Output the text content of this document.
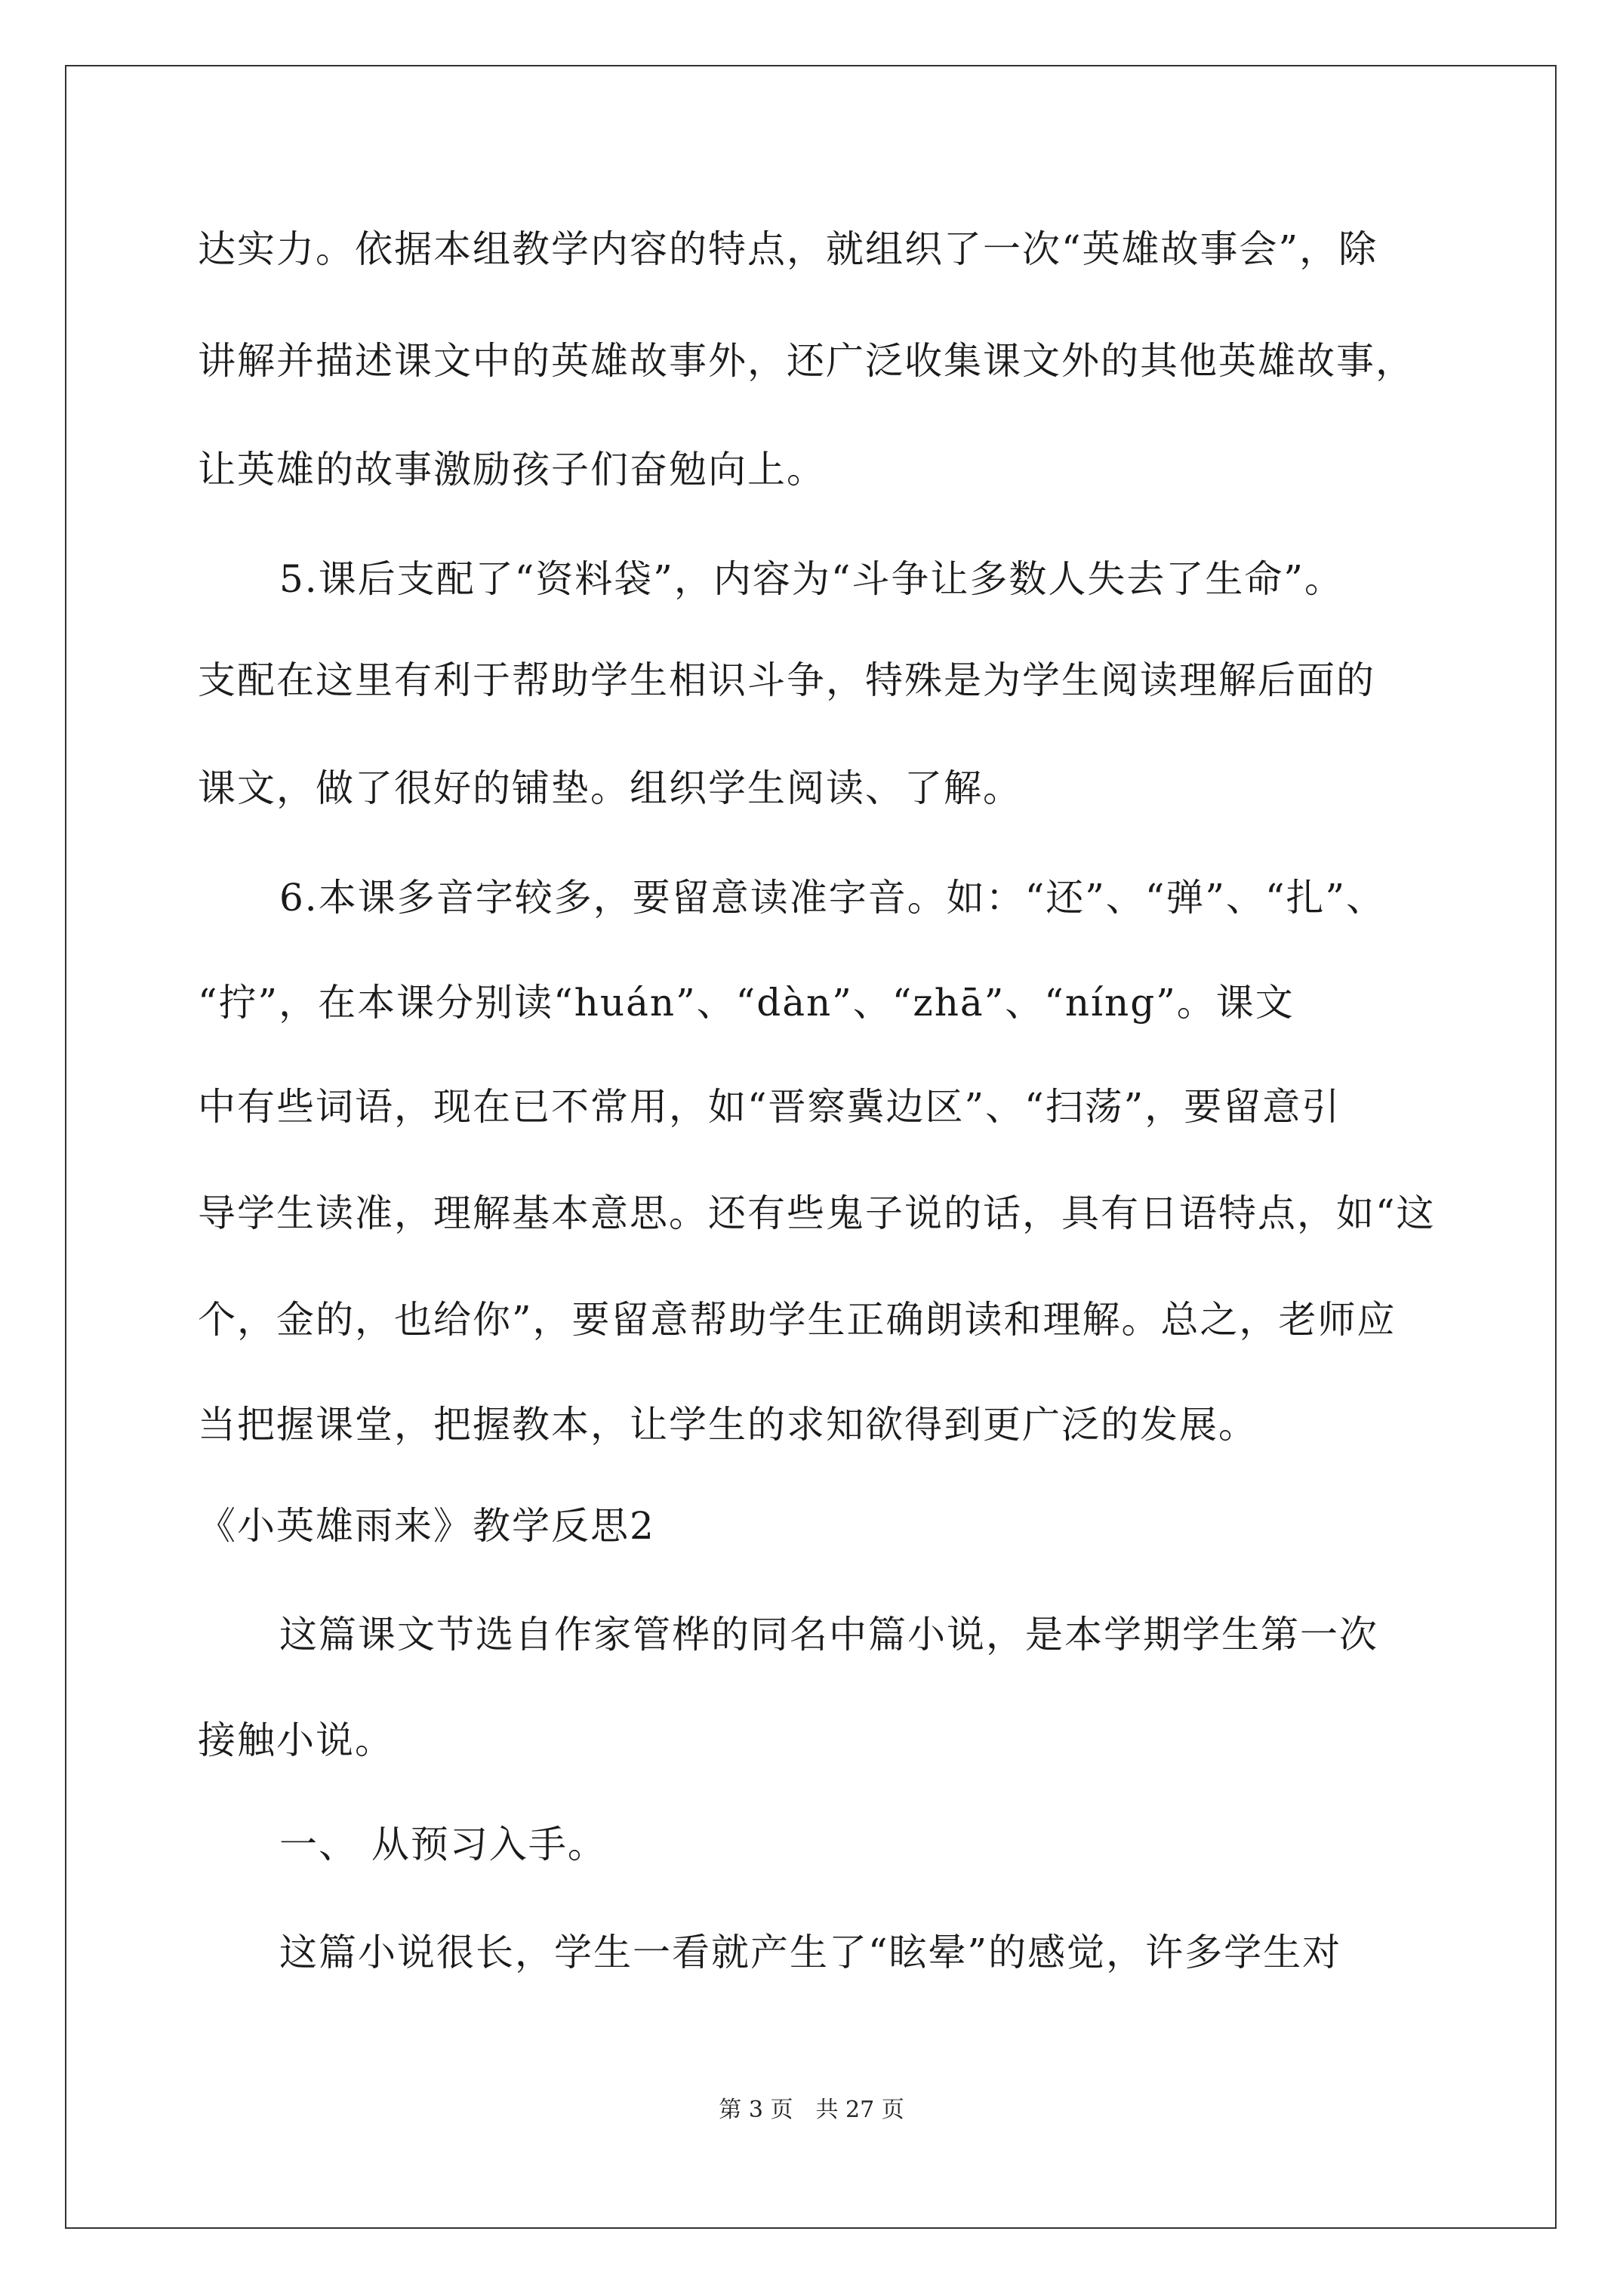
达实力。依据本组教学内容的特点，就组织了一次“英雄故事会”，除
讲解并描述课文中的英雄故事外，还广泛收集课文外的其他英雄故事，
让英雄的故事激励孩子们奋勉向上。
5.课后支配了“资料袋”，内容为“斗争让多数人失去了生命”。
支配在这里有利于帮助学生相识斗争，特殊是为学生阅读理解后面的
课文，做了很好的铺垫。组织学生阅读、了解。
6.本课多音字较多，要留意读准字音。如：“还”、“弹”、“扎”、
“拧”，在本课分别读“huán”、“dàn”、“zhā”、“níng”。课文
中有些词语，现在已不常用，如“晋察冀边区”、“扫荡”，要留意引
导学生读准，理解基本意思。还有些鬼子说的话，具有日语特点，如“这
个，金的，也给你”，要留意帮助学生正确朗读和理解。总之，老师应
当把握课堂，把握教本，让学生的求知欲得到更广泛的发展。
《小英雄雨来》教学反思2
这篇课文节选自作家管桦的同名中篇小说，是本学期学生第一次
接触小说。
一、 从预习入手。
这篇小说很长，学生一看就产生了“眩晕”的感觉，许多学生对
第 3 页　共 27 页
